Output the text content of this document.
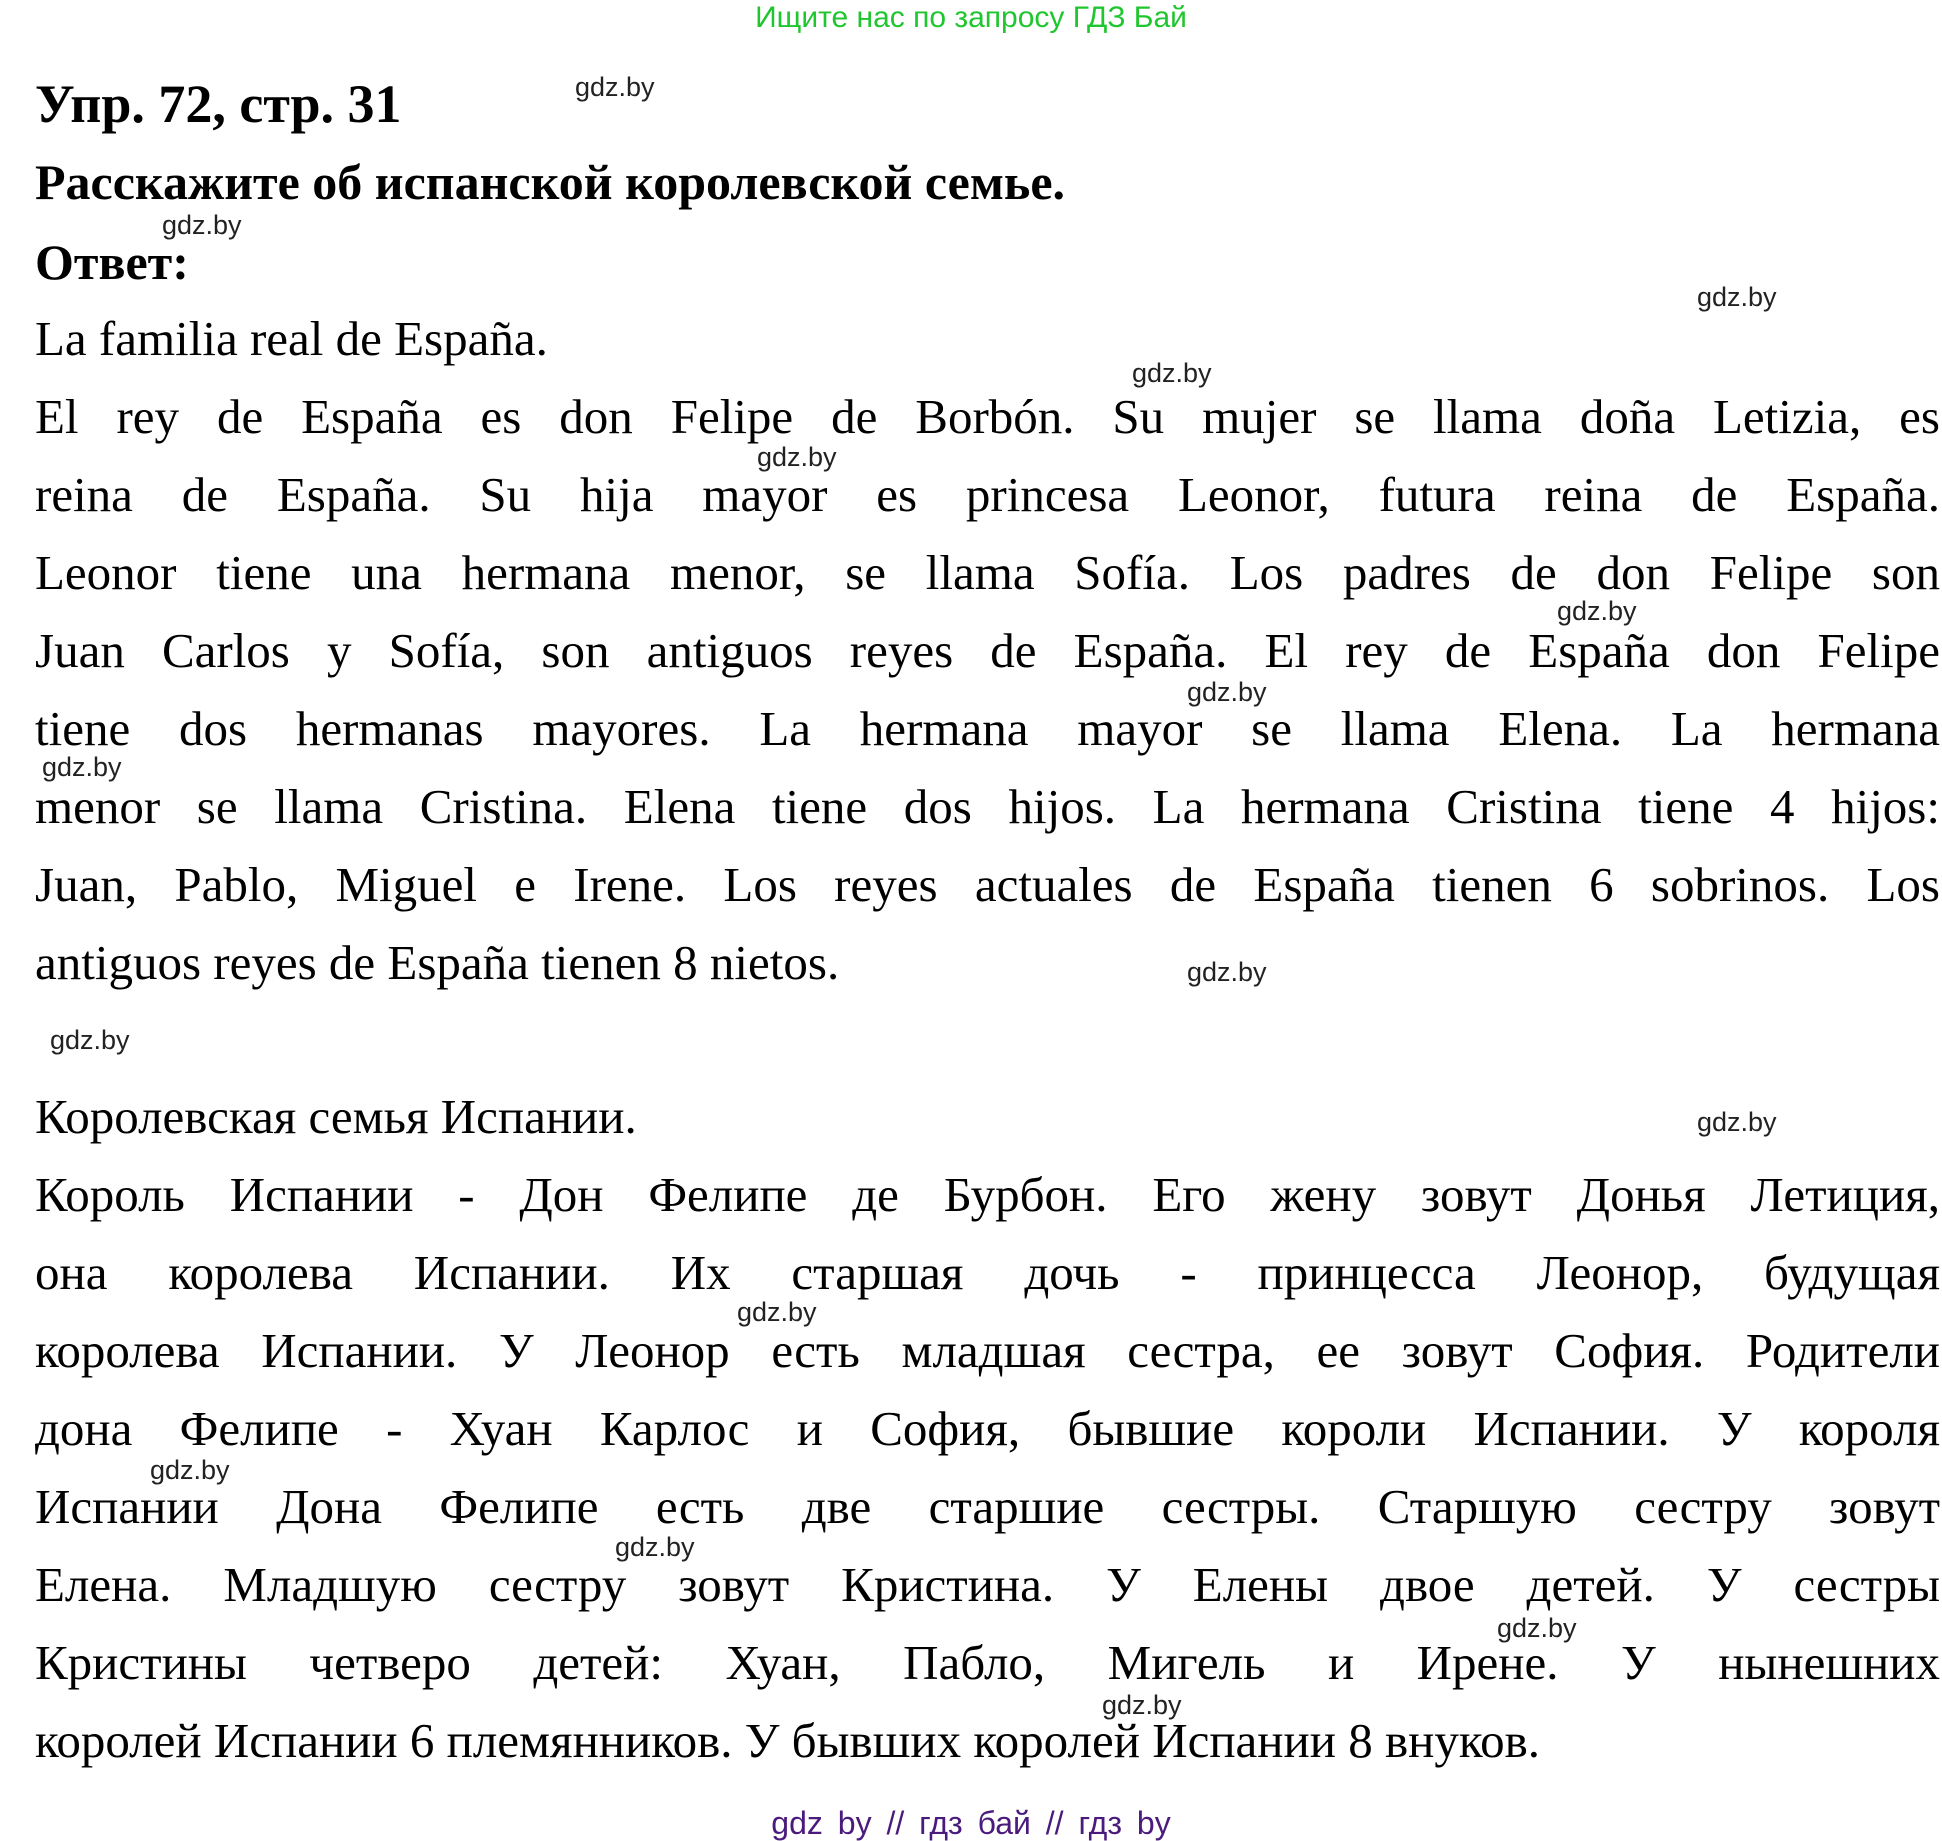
Ищите нас по запросу ГДЗ Бай
Упр. 72, стр. 31
Расскажите об испанской королевской семье.
Ответ:
La familia real de España.
El rey de España es don Felipe de Borbón. Su mujer se llama doña Letizia, es
reina de España. Su hija mayor es princesa Leonor, futura reina de España.
Leonor tiene una hermana menor, se llama Sofía. Los padres de don Felipe son
Juan Carlos y Sofía, son antiguos reyes de España. El rey de España don Felipe
tiene dos hermanas mayores. La hermana mayor se llama Elena. La hermana
menor se llama Cristina. Elena tiene dos hijos. La hermana Cristina tiene 4 hijos:
Juan, Pablo, Miguel e Irene. Los reyes actuales de España tienen 6 sobrinos. Los
antiguos reyes de España tienen 8 nietos.
Королевская семья Испании.
Король Испании - Дон Фелипе де Бурбон. Его жену зовут Донья Летиция,
она королева Испании. Их старшая дочь - принцесса Леонор, будущая
королева Испании. У Леонор есть младшая сестра, ее зовут София. Родители
дона Фелипе - Хуан Карлос и София, бывшие короли Испании. У короля
Испании Дона Фелипе есть две старшие сестры. Старшую сестру зовут
Елена. Младшую сестру зовут Кристина. У Елены двое детей. У сестры
Кристины четверо детей: Хуан, Пабло, Мигель и Ирене. У нынешних
королей Испании 6 племянников. У бывших королей Испании 8 внуков.
gdz.by
gdz.by
gdz.by
gdz.by
gdz.by
gdz.by
gdz.by
gdz.by
gdz.by
gdz.by
gdz.by
gdz.by
gdz.by
gdz.by
gdz.by
gdz.by
gdz by // гдз бай // гдз by
